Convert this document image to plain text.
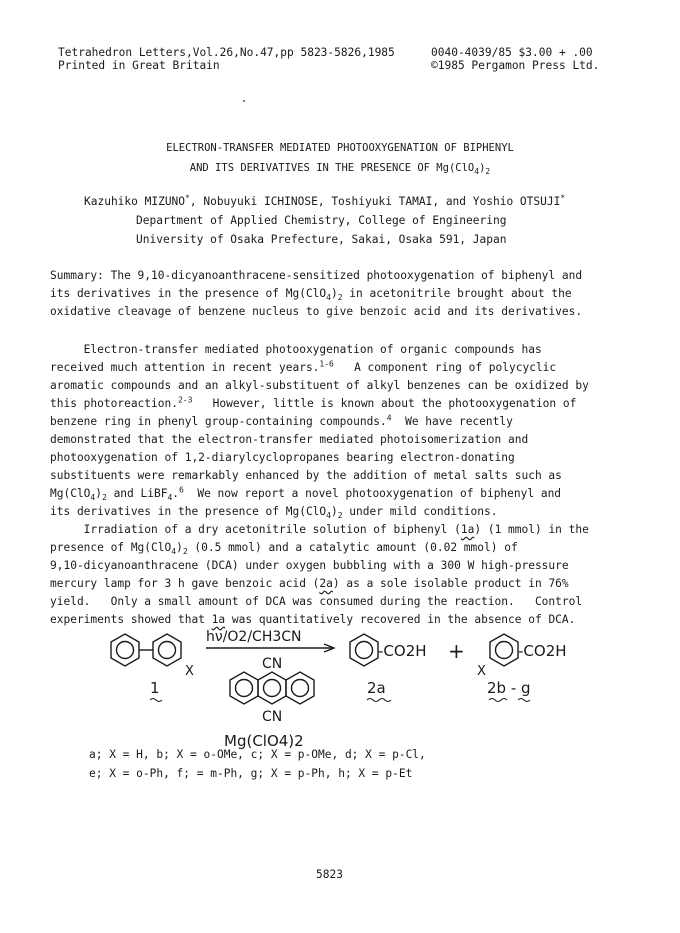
Tetrahedron Letters,Vol.26,No.47,pp 5823-5826,1985
Printed in Great Britain
0040-4039/85 $3.00 + .00
©1985 Pergamon Press Ltd.
ELECTRON-TRANSFER MEDIATED PHOTOOXYGENATION OF BIPHENYL
AND ITS DERIVATIVES IN THE PRESENCE OF $Mg(ClO_4)_2$
Kazuhiko MIZUNO*, Nobuyuki ICHINOSE, Toshiyuki TAMAI, and Yoshio OTSUJI*
Department of Applied Chemistry, College of Engineering
University of Osaka Prefecture, Sakai, Osaka 591, Japan
Summary: The 9,10-dicyanoanthracene-sensitized photooxygenation of biphenyl and
its derivatives in the presence of $Mg(ClO_4)_2$ in acetonitrile brought about the
oxidative cleavage of benzene nucleus to give benzoic acid and its derivatives.
Electron-transfer mediated photooxygenation of organic compounds has
received much attention in recent years.$^{1-6}$   A component ring of polycyclic
aromatic compounds and an alkyl-substituent of alkyl benzenes can be oxidized by
this photoreaction.$^{2-3}$   However, little is known about the photooxygenation of
benzene ring in phenyl group-containing compounds.$^4$  We have recently
demonstrated that the electron-transfer mediated photoisomerization and
photooxygenation of 1,2-diarylcyclopropanes bearing electron-donating
substituents were remarkably enhanced by the addition of metal salts such as
$Mg(ClO_4)_2$ and LiBF$_4$.$^6$  We now report a novel photooxygenation of biphenyl and
its derivatives in the presence of $Mg(ClO_4)_2$ under mild conditions.
Irradiation of a dry acetonitrile solution of biphenyl (1a) (1 mmol) in the
presence of $Mg(ClO_4)_2$ (0.5 mmol) and a catalytic amount (0.02 mmol) of
9,10-dicyanoanthracene (DCA) under oxygen bubbling with a 300 W high-pressure
mercury lamp for 3 h gave benzoic acid (2a) as a sole isolable product in 76%
yield.   Only a small amount of DCA was consumed during the reaction.   Control
experiments showed that 1a was quantitatively recovered in the absence of DCA.
hν/O2/CH3CN
CN
CN
Mg(ClO4)2
X
-CO2H +
X
-CO2H
1	2a	2b - g
a; X = H, b; X = o-OMe, c; X = p-OMe, d; X = p-Cl,
e; X = o-Ph, f; = m-Ph, g; X = p-Ph, h; X = p-Et
5823
